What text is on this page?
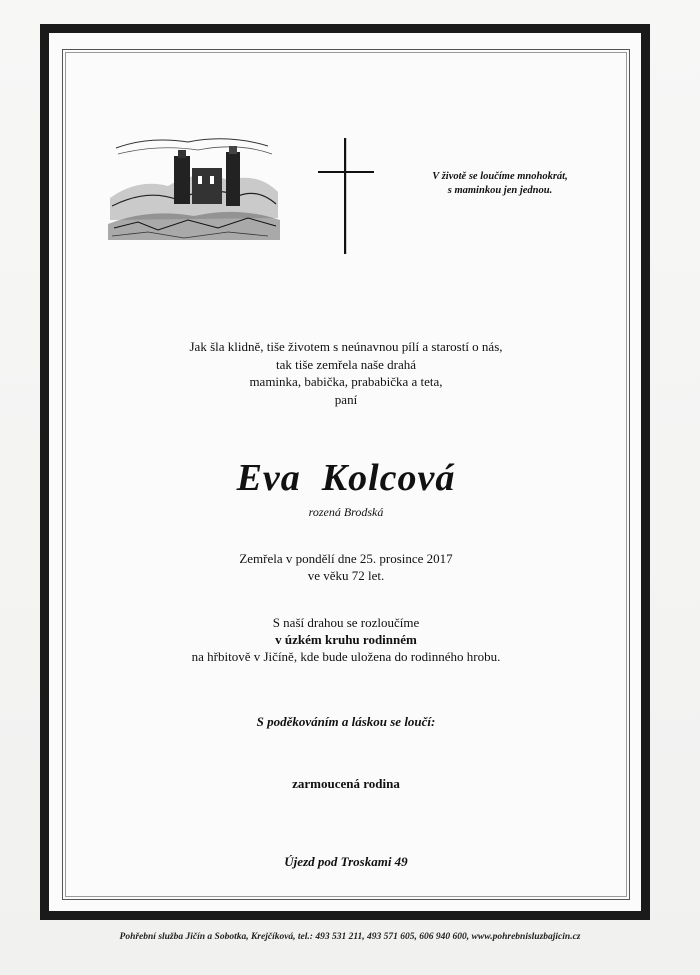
V životě se loučíme mnohokrát,
s maminkou jen jednou.
Jak šla klidně, tiše životem s neúnavnou pílí a starostí o nás,
tak tiše zemřela naše drahá
maminka, babička, prababička a teta,
paní
Eva  Kolcová
rozená Brodská
Zemřela v pondělí dne 25. prosince 2017
ve věku 72 let.
S naší drahou se rozloučíme
v úzkém kruhu rodinném
na hřbitově v Jičíně, kde bude uložena do rodinného hrobu.
S poděkováním a láskou se loučí:
zarmoucená rodina
Újezd pod Troskami 49
Pohřební služba Jičín a Sobotka, Krejčíková, tel.: 493 531 211, 493 571 605, 606 940 600, www.pohrebnisluzbajicin.cz
